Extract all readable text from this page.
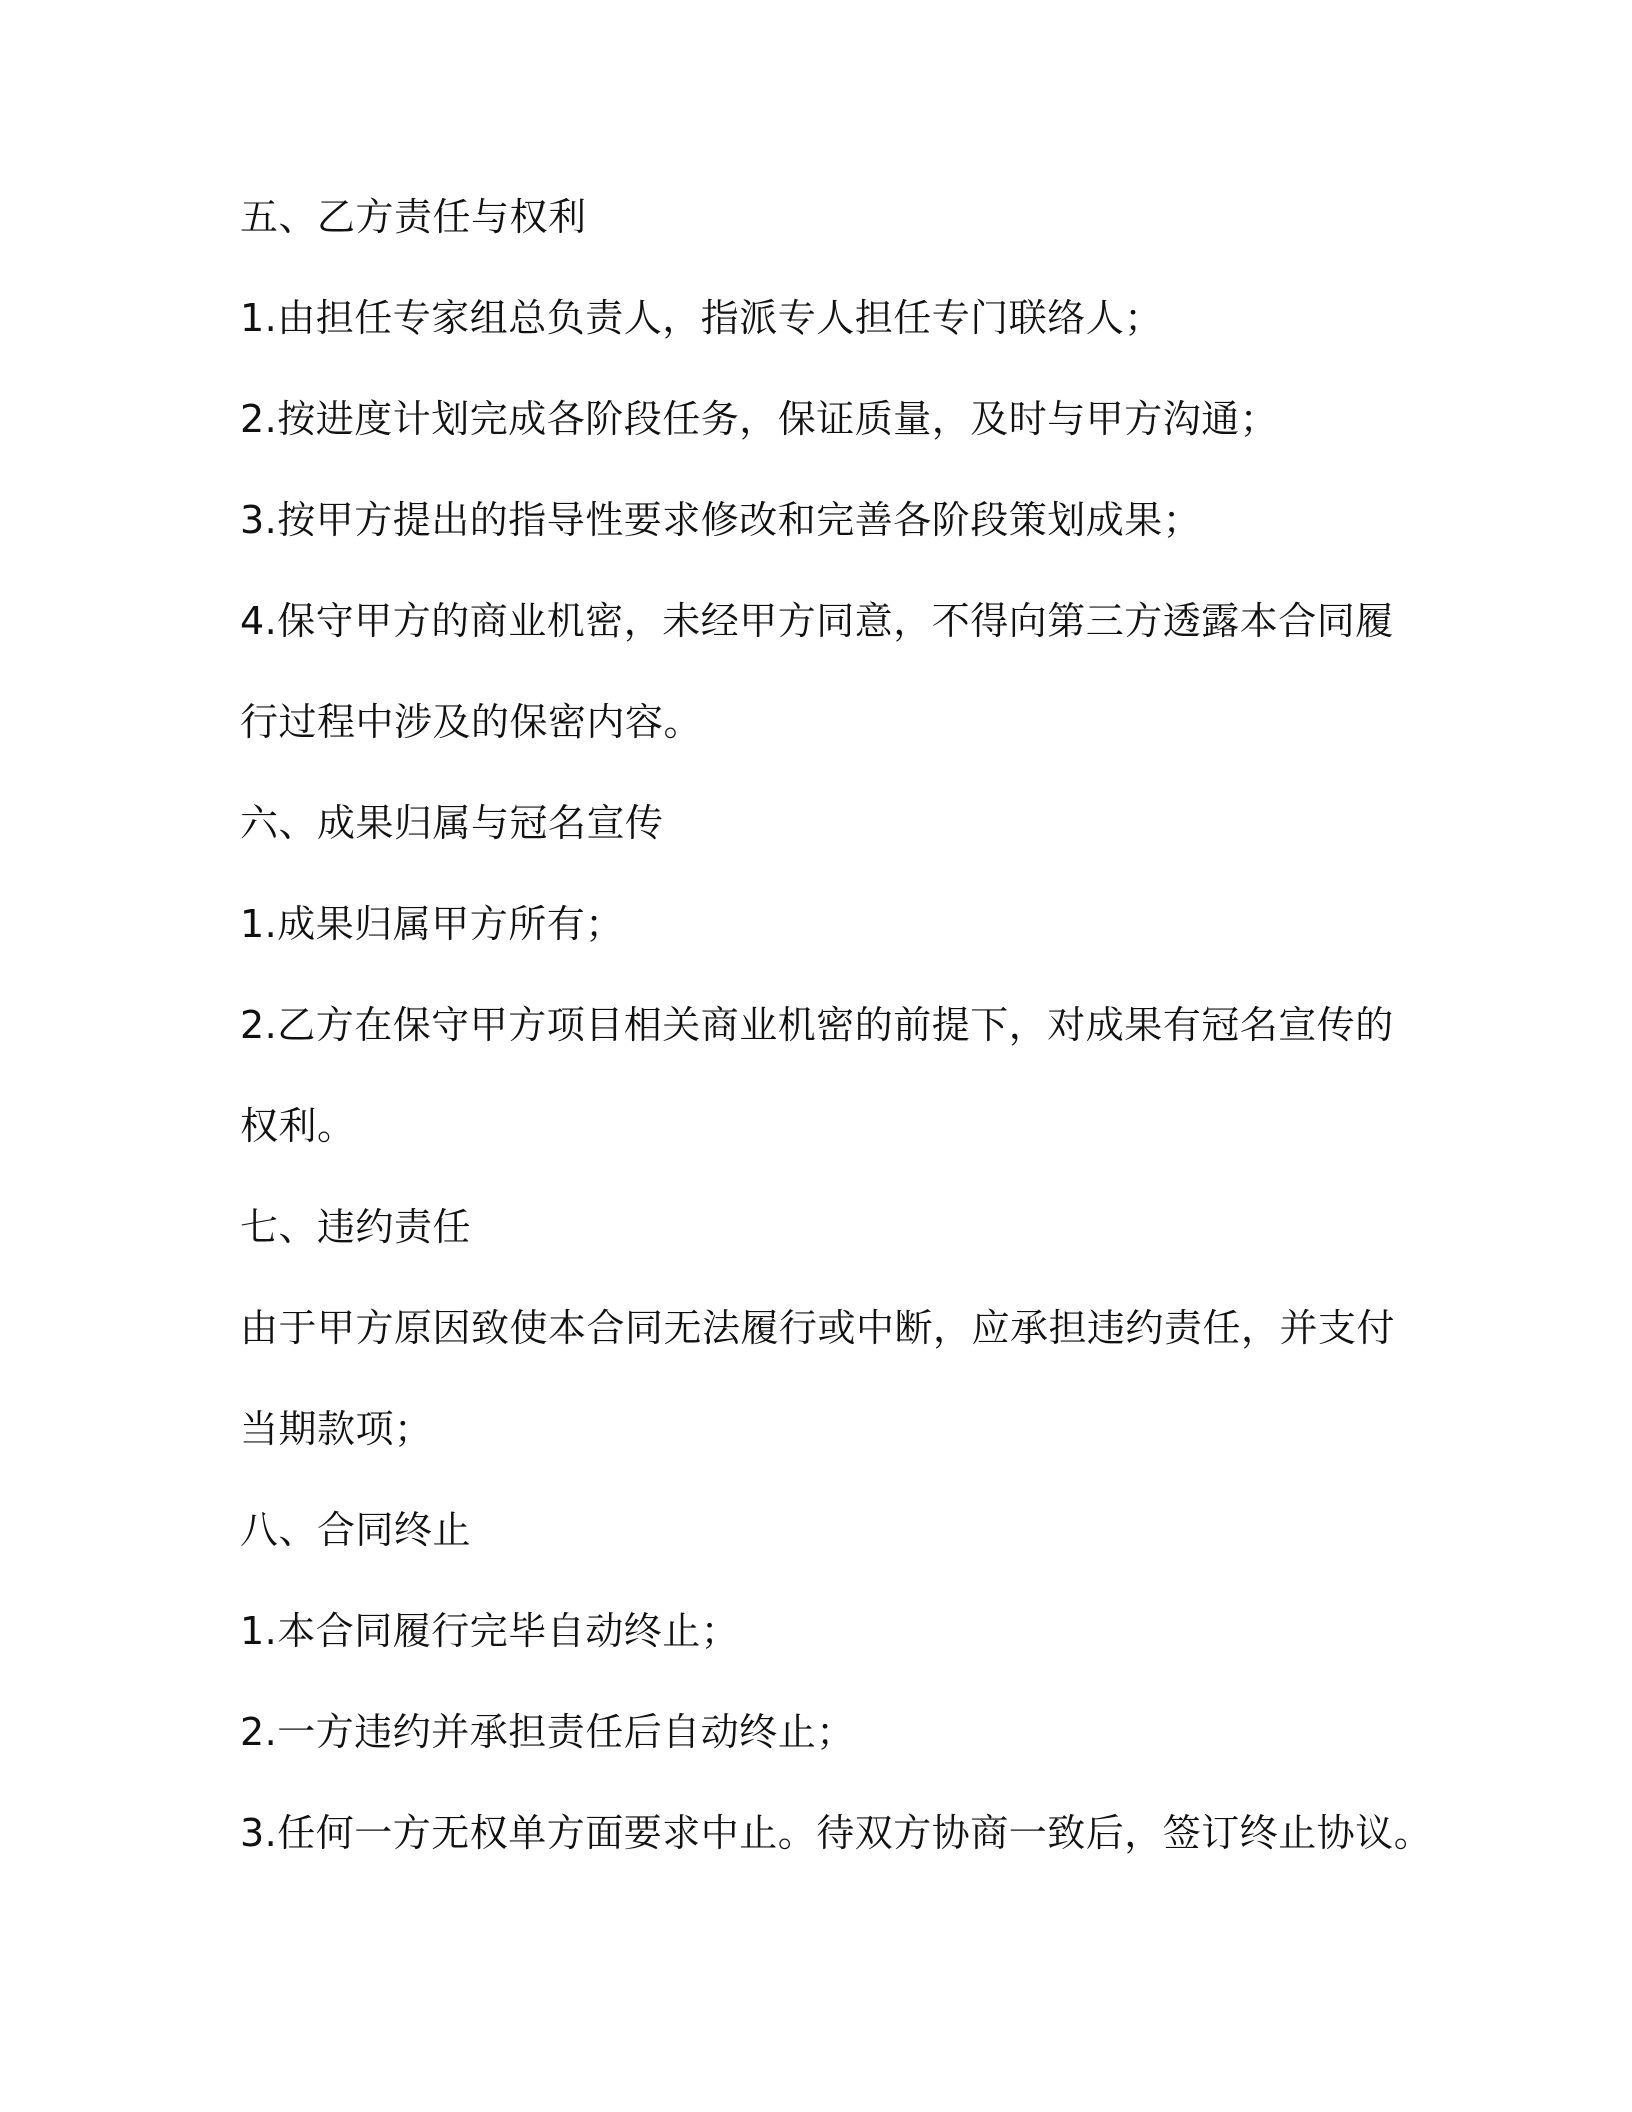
五、乙方责任与权利
1.由担任专家组总负责人，指派专人担任专门联络人；
2.按进度计划完成各阶段任务，保证质量，及时与甲方沟通；
3.按甲方提出的指导性要求修改和完善各阶段策划成果；
4.保守甲方的商业机密，未经甲方同意，不得向第三方透露本合同履
行过程中涉及的保密内容。
六、成果归属与冠名宣传
1.成果归属甲方所有；
2.乙方在保守甲方项目相关商业机密的前提下，对成果有冠名宣传的
权利。
七、违约责任
由于甲方原因致使本合同无法履行或中断，应承担违约责任，并支付
当期款项；
八、合同终止
1.本合同履行完毕自动终止；
2.一方违约并承担责任后自动终止；
3.任何一方无权单方面要求中止。待双方协商一致后，签订终止协议。
